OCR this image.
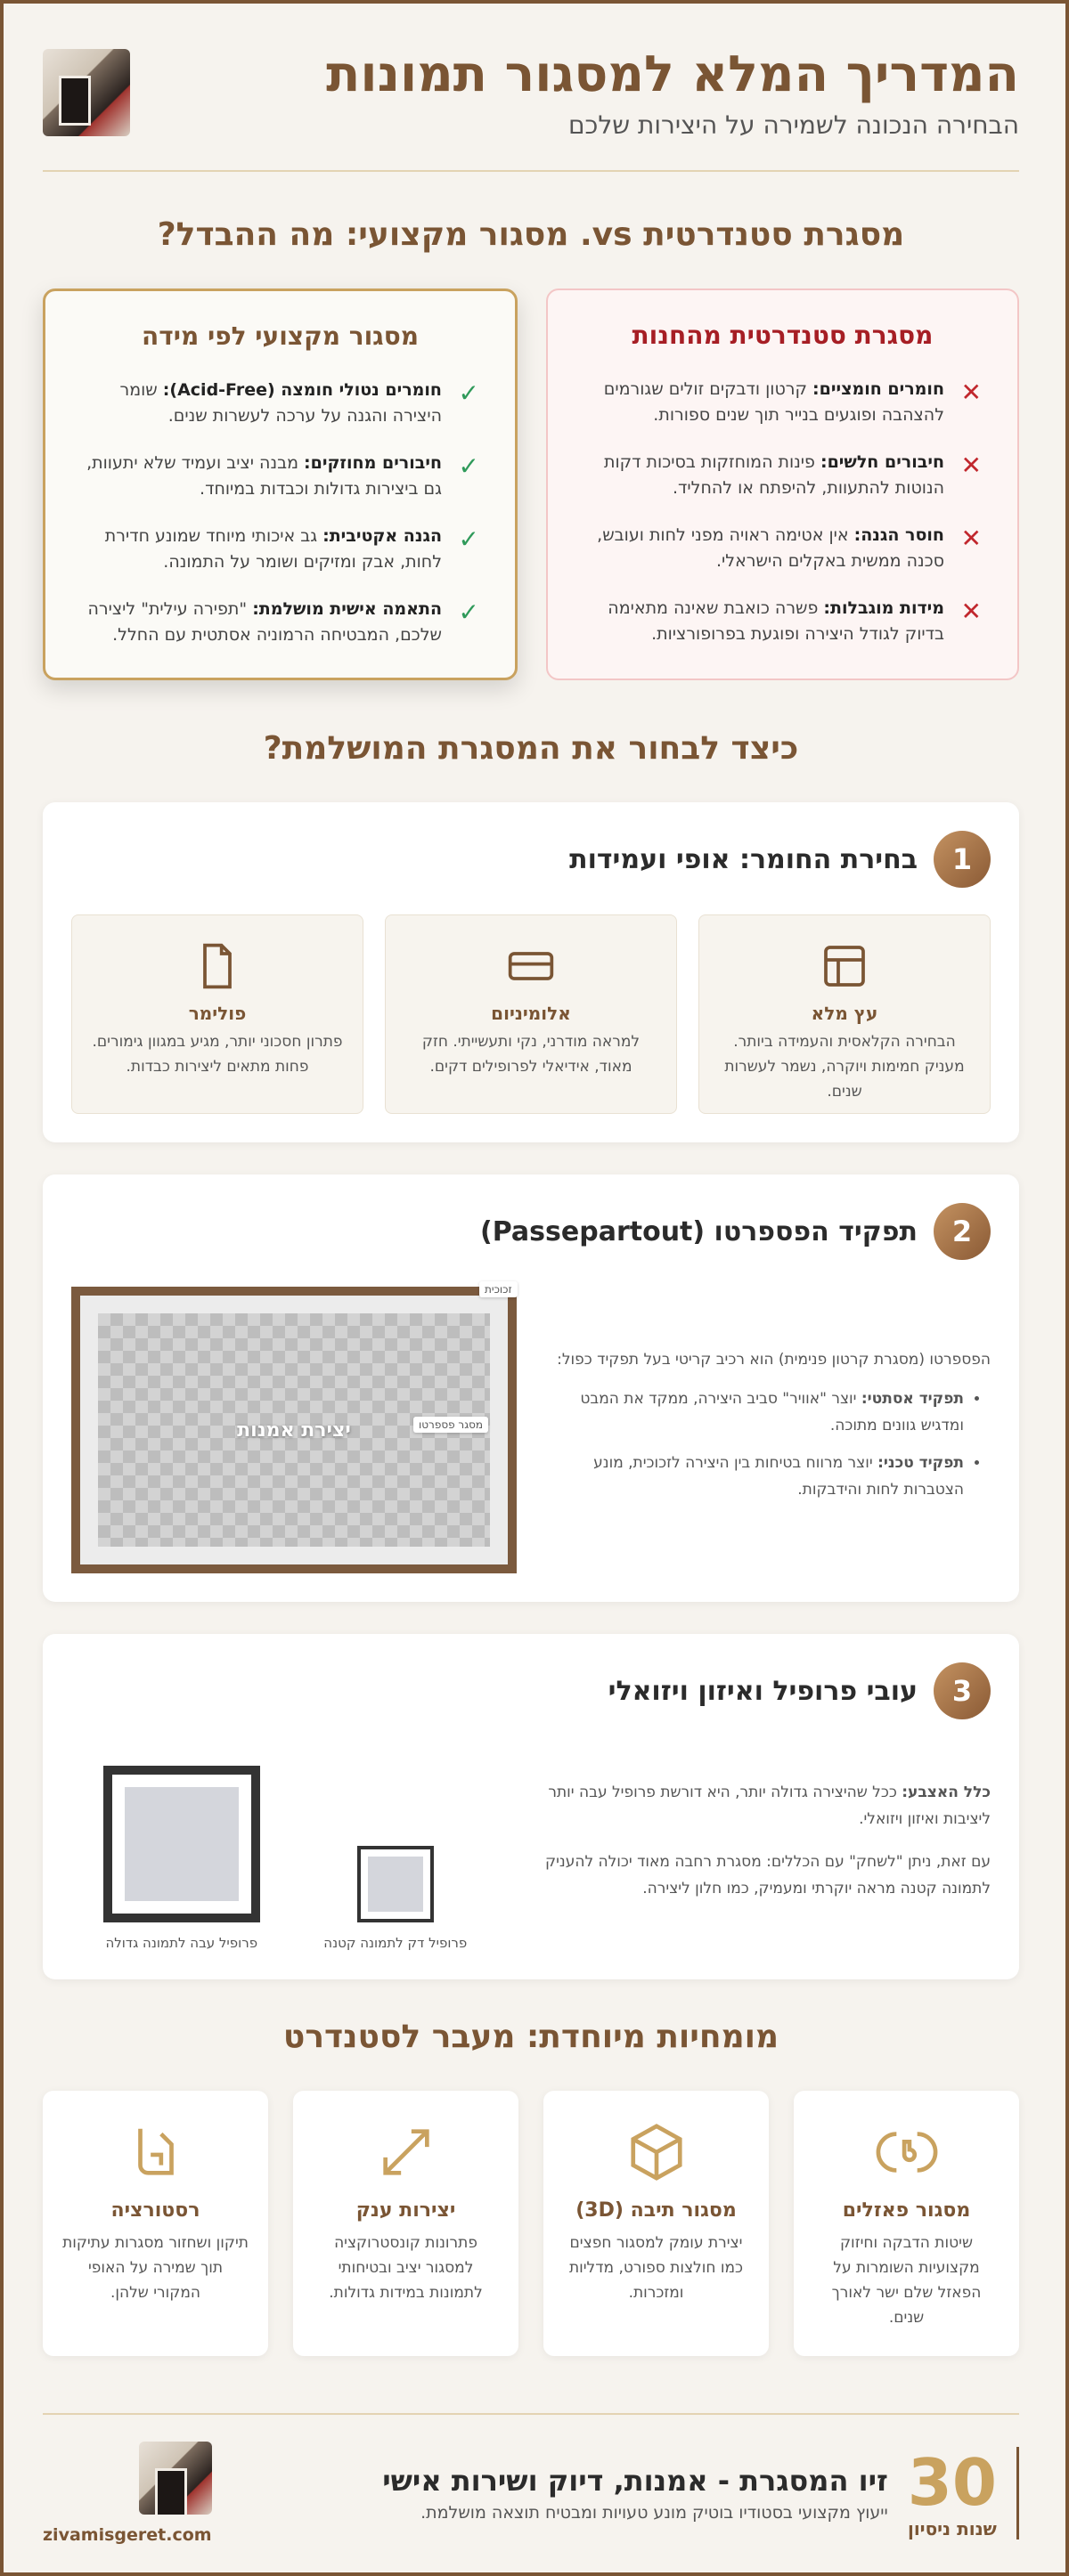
המדריך המלא למסגור תמונות
הבחירה הנכונה לשמירה על היצירות שלכם
מסגרת סטנדרטית vs. מסגור מקצועי: מה ההבדל?
מסגרת סטנדרטית מהחנות
✕
חומרים חומציים: קרטון ודבקים זולים שגורמים להצהבה ופוגעים בנייר תוך שנים ספורות.
✕
חיבורים חלשים: פינות המוחזקות בסיכות דקות הנוטות להתעוות, להיפתח או להחליד.
✕
חוסר הגנה: אין אטימה ראויה מפני לחות ועובש, סכנה ממשית באקלים הישראלי.
✕
מידות מוגבלות: פשרה כואבת שאינה מתאימה בדיוק לגודל היצירה ופוגעת בפרופורציות.
מסגור מקצועי לפי מידה
✓
חומרים נטולי חומצה (Acid-Free): שומר היצירה והגנה על ערכה לעשרות שנים.
✓
חיבורים מחוזקים: מבנה יציב ועמיד שלא יתעוות, גם ביצירות גדולות וכבדות במיוחד.
✓
הגנה אקטיבית: גב איכותי מיוחד שמונע חדירת לחות, אבק ומזיקים ושומר על התמונה.
✓
התאמה אישית מושלמת: "תפירה עילית" ליצירה שלכם, המבטיחה הרמוניה אסתטית עם החלל.
כיצד לבחור את המסגרת המושלמת?
1
בחירת החומר: אופי ועמידות
עץ מלא

הבחירה הקלאסית והעמידה ביותר. מעניק חמימות ויוקרה, נשמר לעשרות שנים.

אלומיניום

למראה מודרני, נקי ותעשייתי. חזק מאוד, אידיאלי לפרופילים דקים.

פולימר

פתרון חסכוני יותר, מגיע במגוון גימורים. פחות מתאים ליצירות כבדות.

2
תפקיד הפספרטו (Passepartout)
הפספרטו (מסגרת קרטון פנימית) הוא רכיב קריטי בעל תפקיד כפול:
• תפקיד אסתטי: יוצר "אוויר" סביב היצירה, ממקד את המבט ומדגיש גוונים מתוכה.
• תפקיד טכני: יוצר מרווח בטיחות בין היצירה לזכוכית, מונע הצטברות לחות והידבקות.
יצירת אמנות
זכוכית
מסגר פספרטו
3
עובי פרופיל ואיזון ויזואלי

כלל האצבע: ככל שהיצירה גדולה יותר, היא דורשת פרופיל עבה יותר ליציבות ואיזון ויזואלי.

עם זאת, ניתן "לשחק" עם הכללים: מסגרת רחבה מאוד יכולה להעניק לתמונה קטנה מראה יוקרתי ומעמיק, כמו חלון ליצירה.

פרופיל דק לתמונה קטנה
פרופיל עבה לתמונה גדולה
מומחיות מיוחדת: מעבר לסטנדרט
מסגור פאזלים

שיטות הדבקה וחיזוק מקצועיות השומרות על הפאזל שלם ישר לאורך שנים.

מסגור תיבה (3D)

יצירת עומק למסגור חפצים כמו חולצות ספורט, מדליות ומזכרות.

יצירות ענק

פתרונות קונסטרוקציה למסגור יציב ובטיחותי לתמונות במידות גדולות.

רסטורציה

תיקון ושחזור מסגרות עתיקות תוך שמירה על האופי המקורי שלהן.

30
שנות ניסיון
זיו המסגרת - אמנות, דיוק ושירות אישי

ייעוץ מקצועי בסטודיו בוטיק מונע טעויות ומבטיח תוצאה מושלמת.

zivamisgeret.com
